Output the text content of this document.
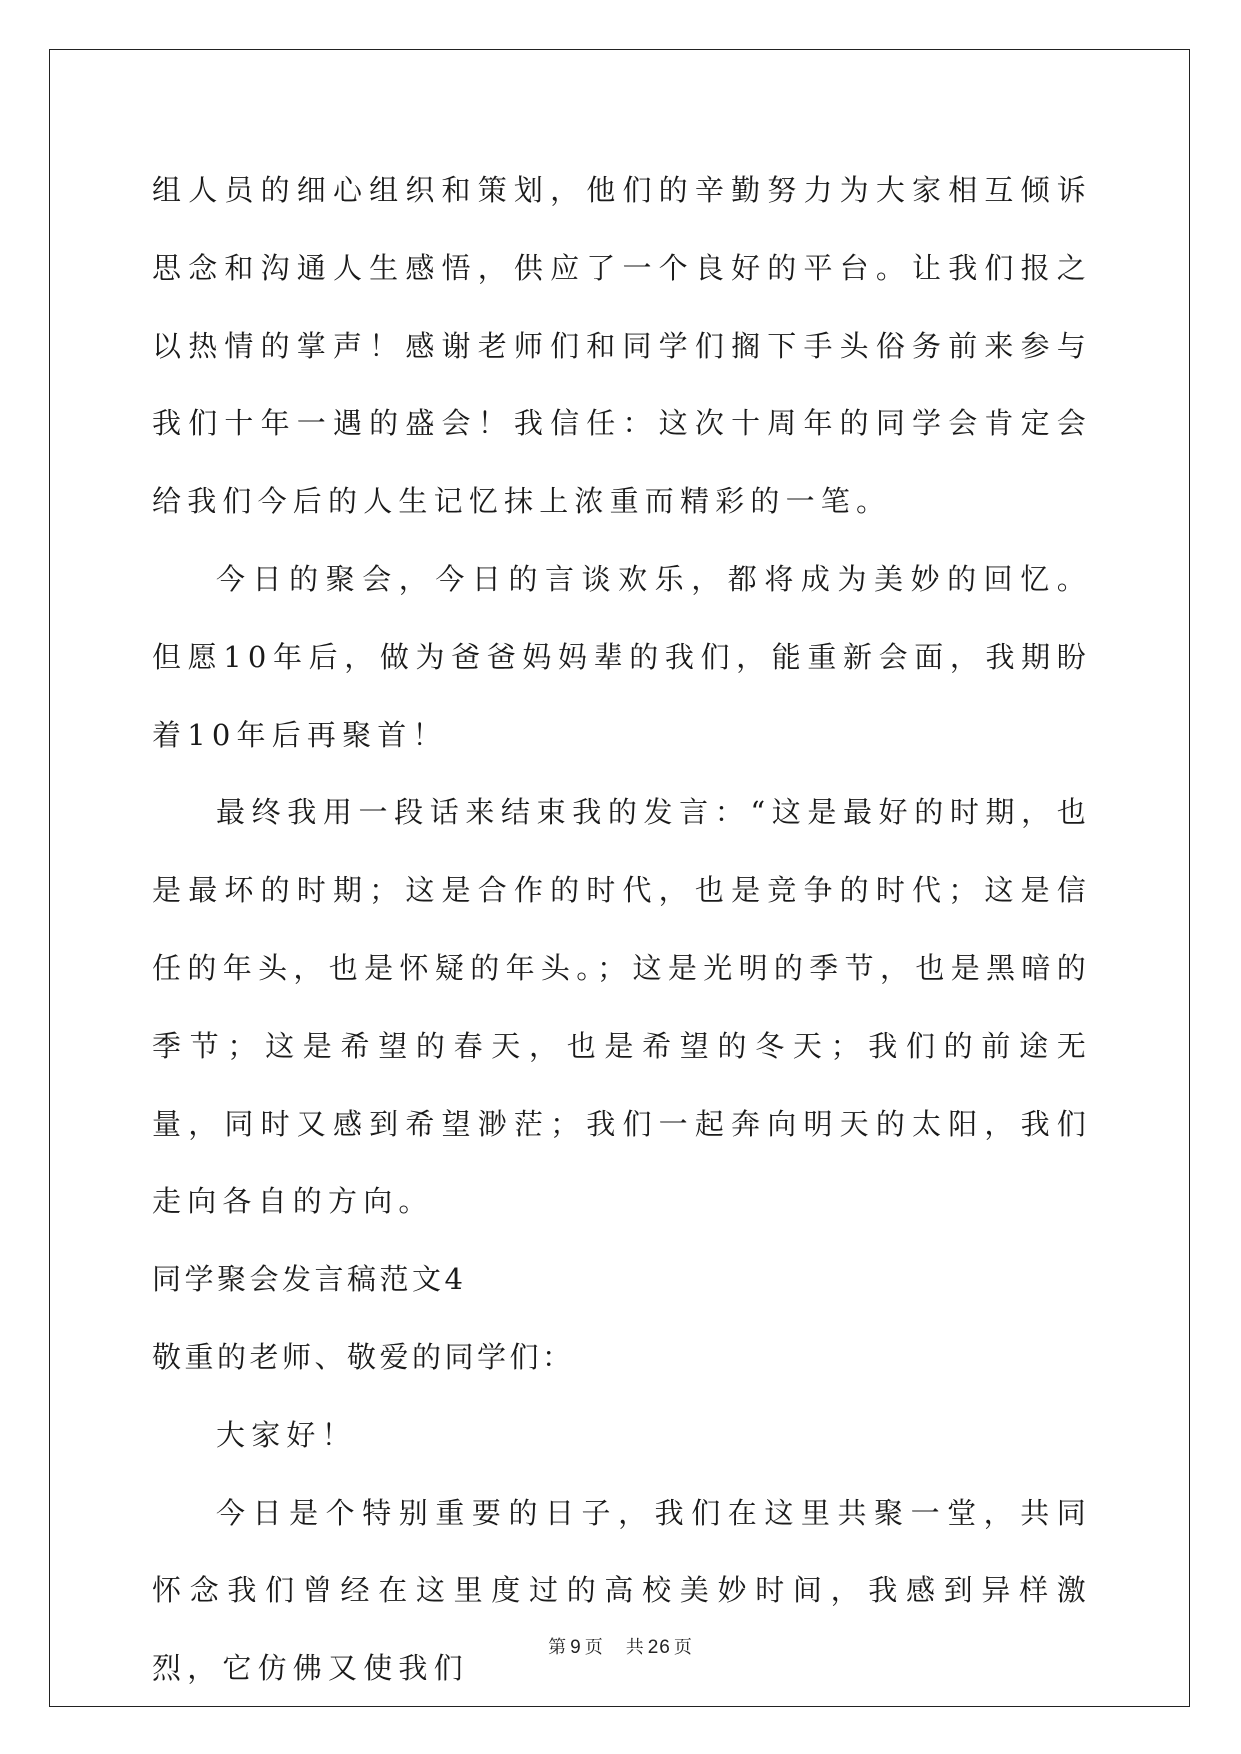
组人员的细心组织和策划，他们的辛勤努力为大家相互倾诉思念和沟通人生感悟，供应了一个良好的平台。让我们报之以热情的掌声！感谢老师们和同学们搁下手头俗务前来参与我们十年一遇的盛会！我信任：这次十周年的同学会肯定会给我们今后的人生记忆抹上浓重而精彩的一笔。

今日的聚会，今日的言谈欢乐，都将成为美妙的回忆。但愿10年后，做为爸爸妈妈辈的我们，能重新会面，我期盼着10年后再聚首！

最终我用一段话来结束我的发言：“这是最好的时期，也是最坏的时期；这是合作的时代，也是竞争的时代；这是信任的年头，也是怀疑的年头。；这是光明的季节，也是黑暗的季节；这是希望的春天，也是希望的冬天；我们的前途无量，同时又感到希望渺茫；我们一起奔向明天的太阳，我们走向各自的方向。

同学聚会发言稿范文4

敬重的老师、敬爱的同学们：

大家好！

今日是个特别重要的日子，我们在这里共聚一堂，共同怀念我们曾经在这里度过的高校美妙时间，我感到异样激烈，它仿佛又使我们

第 9 页 共 26 页
